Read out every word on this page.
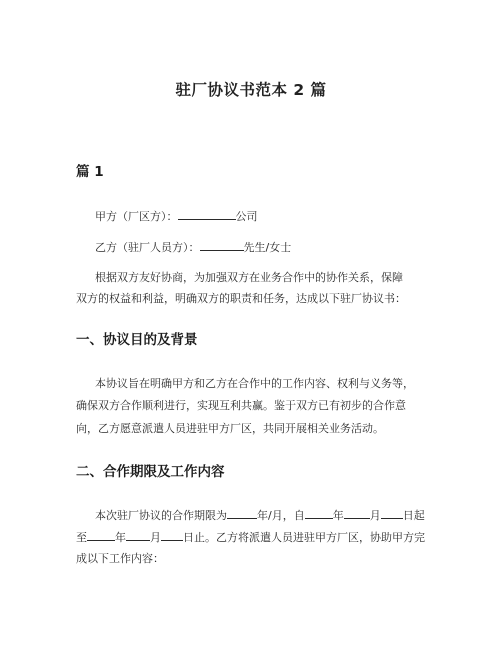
驻厂协议书范本 2 篇
篇 1
甲方（厂区方）：	公司
乙方（驻厂人员方）：	先生/女士
根据双方友好协商，为加强双方在业务合作中的协作关系，保障
双方的权益和利益，明确双方的职责和任务，达成以下驻厂协议书：
一、协议目的及背景
本协议旨在明确甲方和乙方在合作中的工作内容、权利与义务等，
确保双方合作顺利进行，实现互利共赢。鉴于双方已有初步的合作意
向，乙方愿意派遣人员进驻甲方厂区，共同开展相关业务活动。
二、合作期限及工作内容
本次驻厂协议的合作期限为	年/月，自	年 月 日起
至	年 月 日止。乙方将派遣人员进驻甲方厂区，协助甲方完
成以下工作内容：
